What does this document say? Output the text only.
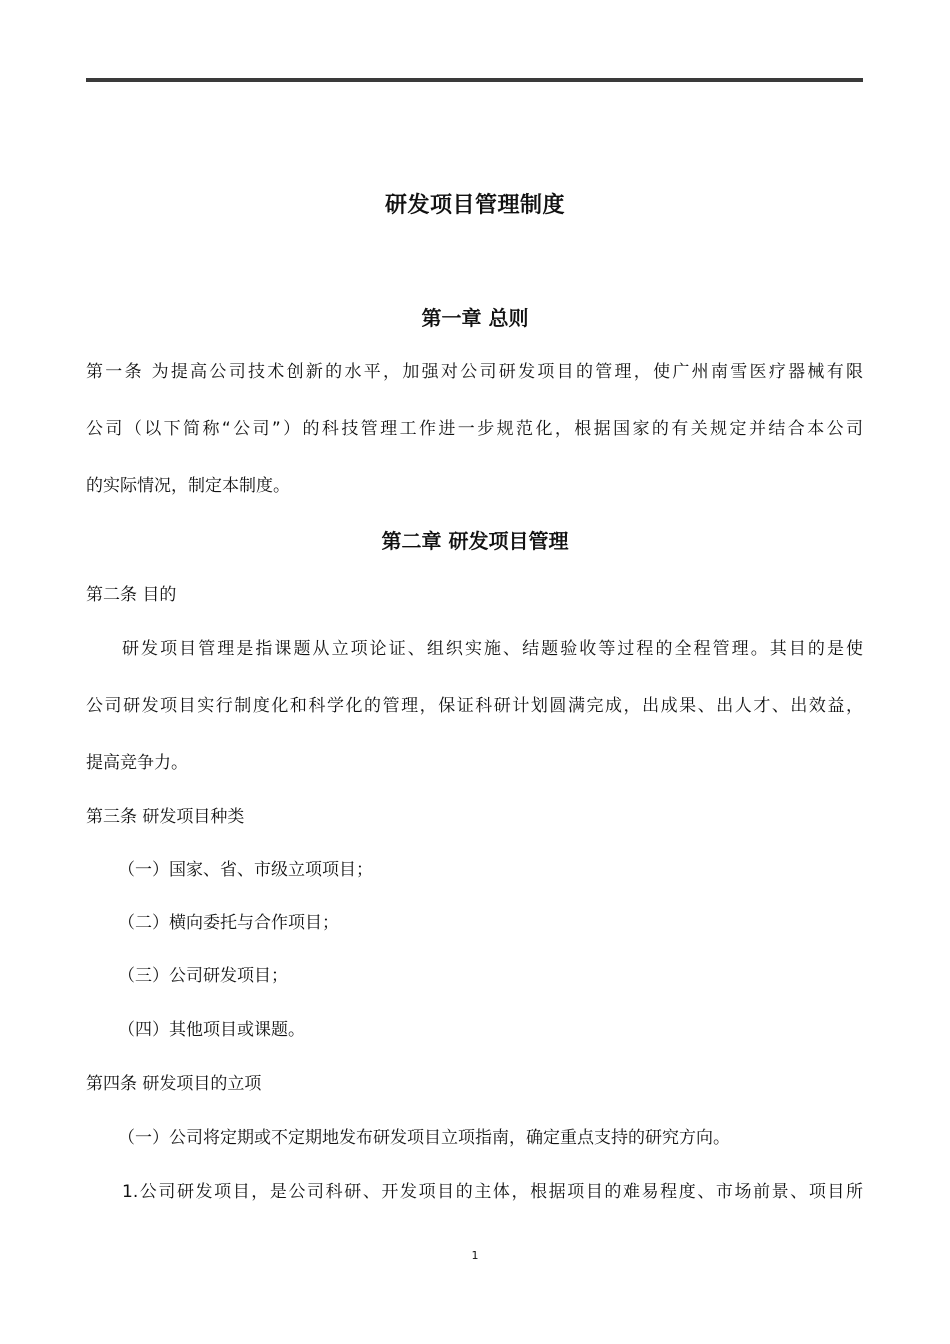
研发项目管理制度
第一章 总则
第一条 为提高公司技术创新的水平，加强对公司研发项目的管理，使广州南雪医疗器械有限
公司（以下简称“公司”）的科技管理工作进一步规范化，根据国家的有关规定并结合本公司
的实际情况，制定本制度。
第二章 研发项目管理
第二条 目的
研发项目管理是指课题从立项论证、组织实施、结题验收等过程的全程管理。其目的是使
公司研发项目实行制度化和科学化的管理，保证科研计划圆满完成，出成果、出人才、出效益，
提高竞争力。
第三条 研发项目种类
（一）国家、省、市级立项项目；
（二）横向委托与合作项目；
（三）公司研发项目；
（四）其他项目或课题。
第四条 研发项目的立项
（一）公司将定期或不定期地发布研发项目立项指南，确定重点支持的研究方向。
1.公司研发项目，是公司科研、开发项目的主体，根据项目的难易程度、市场前景、项目所
1
